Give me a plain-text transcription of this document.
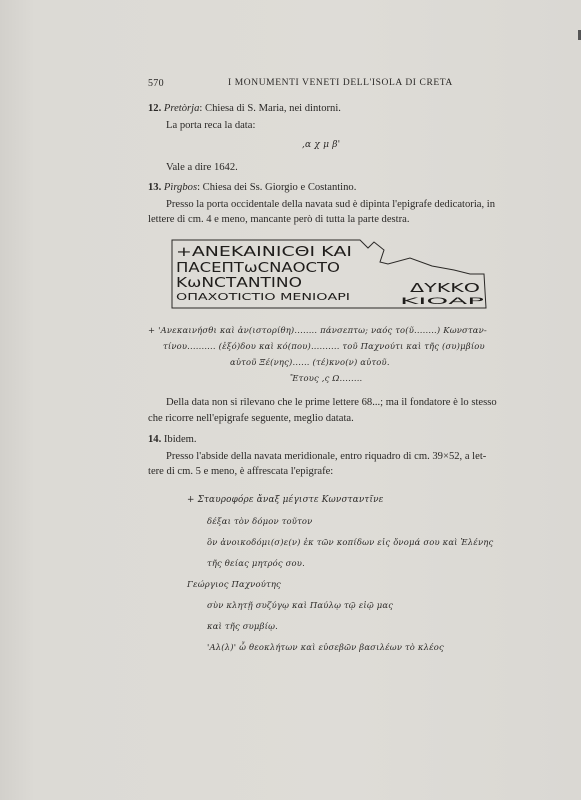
570	I MONUMENTI VENETI DELL'ISOLA DI CRETA
12. Pretòrja: Chiesa di S. Maria, nei dintorni.
La porta reca la data:
,α χ μ β'
Vale a dire 1642.
13. Pìrgbos: Chiesa dei Ss. Giorgio e Costantino.
Presso la porta occidentale della navata sud è dipinta l'epigrafe dedicatoria, in
lettere di cm. 4 e meno, mancante però di tutta la parte destra.
+ΑΝΕΚΑΙΝΙCΘΙ ΚΑΙ
ΠΑCΕΠΤωCΝΑΟCΤΟ
ΚωΝCΤΑΝΤΙΝΟ
ΟΠΑΧΟΤΙCΤΙΟ ΜΕΝΙΟΑΡΙ
ΔΥΚΚΟ
ΚΙΟΑΡ
+ 'Ανεκαινήσθι καὶ ἀν(ιστορίθη)........ πάνσεπτω; ναός το(ῦ........) Κωνσταν-
τίνου.......... (ἐξό)δου καὶ κό(που).......... τοῦ Παχνούτι καὶ τῆς (συ)μβίου
αὐτοῦ Ξέ(νης)...... (τέ)κνο(ν) αὐτοῦ.
Ἔτους ,ς Ω........
Della data non si rilevano che le prime lettere 68...; ma il fondatore è lo stesso
che ricorre nell'epigrafe seguente, meglio datata.
14. Ibidem.
Presso l'abside della navata meridionale, entro riquadro di cm. 39×52, a let-
tere di cm. 5 e meno, è affrescata l'epigrafe:
+ Σταυροφόρε ἄναξ μέγιστε Κωνσταντῖνε
δέξαι τὸν δόμον τοῦτον
ὃν ἀνοικοδόμι(σ)ε(ν) ἐκ τῶν κοπίδων εἰς ὄνομά σου καὶ Ἑλένης
τῆς θείας μητρός σου.
Γεώργιος Παχνούτης
σὺν κλητῇ συζύγῳ καὶ Παύλῳ τῷ εἰῷ μας
καὶ τῆς συμβίῳ.
'Αλ(λ)' ὦ θεοκλήτων καὶ εὐσεβῶν βασιλέων τὸ κλέος
